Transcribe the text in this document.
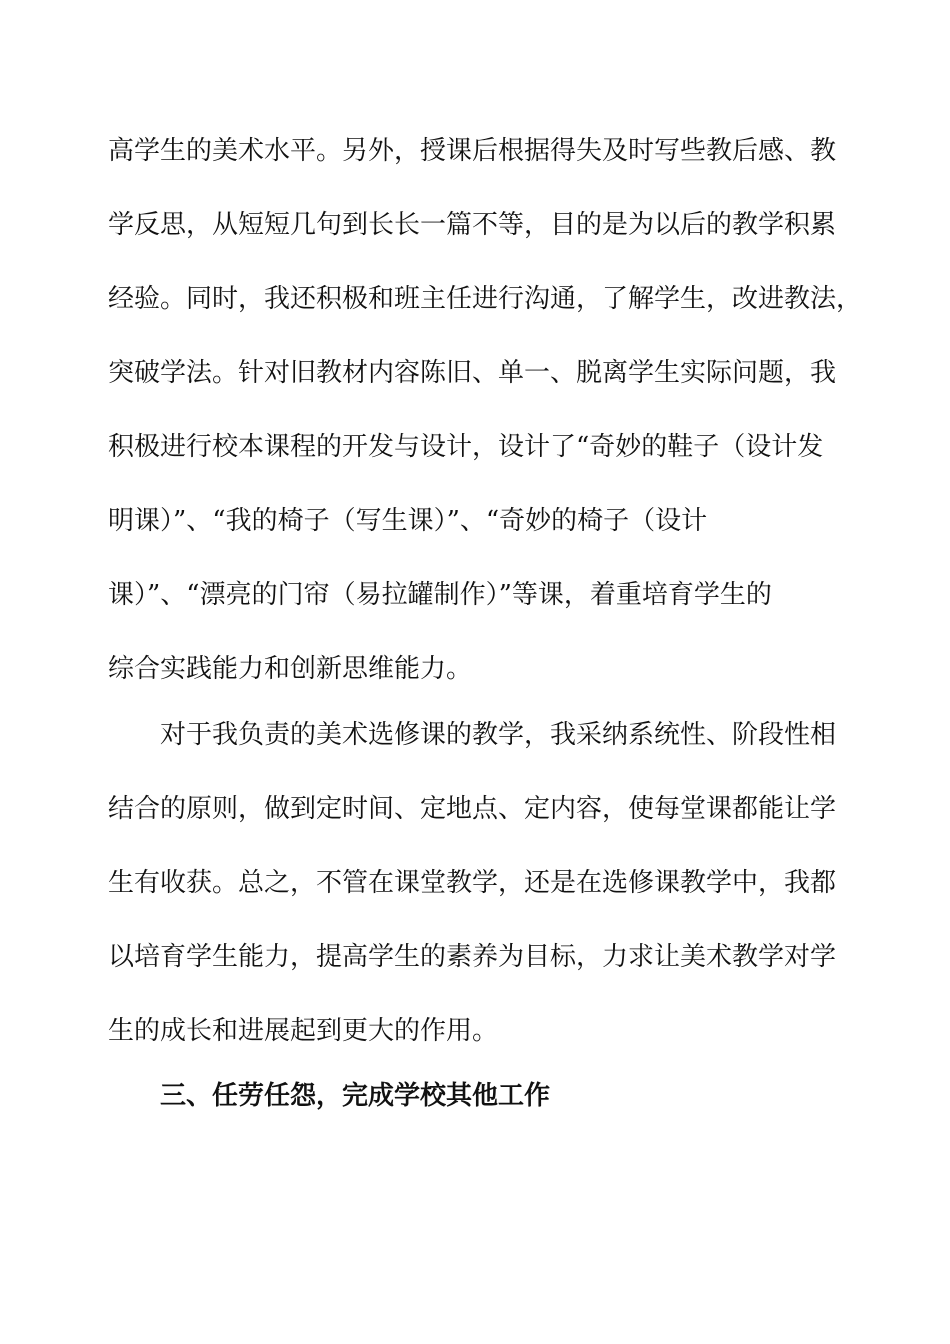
高学生的美术水平。另外，授课后根据得失及时写些教后感、教
学反思，从短短几句到长长一篇不等，目的是为以后的教学积累
经验。同时，我还积极和班主任进行沟通，了解学生，改进教法，
突破学法。针对旧教材内容陈旧、单一、脱离学生实际问题，我
积极进行校本课程的开发与设计，设计了“奇妙的鞋子（设计发
明课）”、“我的椅子（写生课）”、“奇妙的椅子（设计
课）”、“漂亮的门帘（易拉罐制作）”等课，着重培育学生的
综合实践能力和创新思维能力。
对于我负责的美术选修课的教学，我采纳系统性、阶段性相
结合的原则，做到定时间、定地点、定内容，使每堂课都能让学
生有收获。总之，不管在课堂教学，还是在选修课教学中，我都
以培育学生能力，提高学生的素养为目标，力求让美术教学对学
生的成长和进展起到更大的作用。
三、任劳任怨，完成学校其他工作
